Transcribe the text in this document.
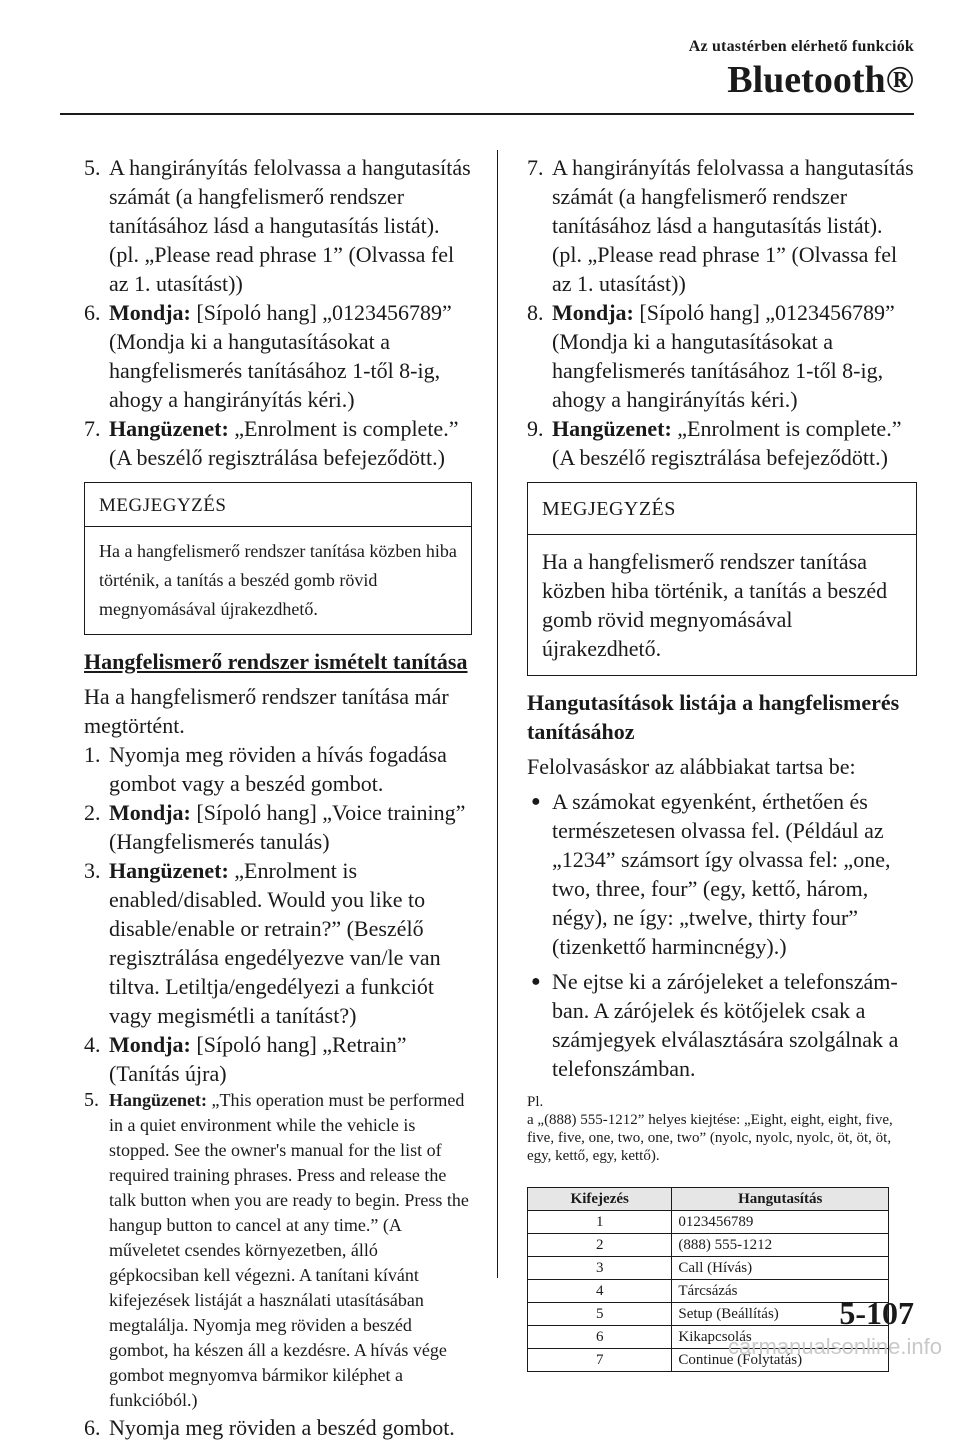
Az utastérben elérhető funkciók
Bluetooth®
5. A hangirányítás felolvassa a hangutasítás számát (a hangfelismerő rendszer tanításához lásd a hangutasítás listát). (pl. „Please read phrase 1” (Olvassa fel az 1. utasítást))
6. Mondja: [Sípoló hang] „0123456789” (Mondja ki a hangutasításokat a hangfelismerés tanításához 1-től 8-ig, ahogy a hangirányítás kéri.)
7. Hangüzenet: „Enrolment is complete.” (A beszélő regisztrálása befejeződött.)
MEGJEGYZÉS
Ha a hangfelismerő rendszer tanítása közben hiba történik, a tanítás a beszéd gomb rövid megnyomásával újrakezdhető.
Hangfelismerő rendszer ismételt tanítása
Ha a hangfelismerő rendszer tanítása már megtörtént.
1. Nyomja meg röviden a hívás fogadása gombot vagy a beszéd gombot.
2. Mondja: [Sípoló hang] „Voice training” (Hangfelismerés tanulás)
3. Hangüzenet: „Enrolment is enabled/disabled. Would you like to disable/enable or retrain?” (Beszélő regisztrálása engedélyezve van/le van tiltva. Letiltja/engedélyezi a funkciót vagy megismétli a tanítást?)
4. Mondja: [Sípoló hang] „Retrain” (Tanítás újra)
5. Hangüzenet: „This operation must be performed in a quiet environment while the vehicle is stopped. See the owner's manual for the list of required training phrases. Press and release the talk button when you are ready to begin. Press the hangup button to cancel at any time.” (A műveletet csendes környezetben, álló gépkocsiban kell végezni. A tanítani kívánt kifejezések listáját a használati utasításában megtalálja. Nyomja meg röviden a beszéd gombot, ha készen áll a kezdésre. A hívás vége gombot megnyomva bármikor kiléphet a funkcióból.)
6. Nyomja meg röviden a beszéd gombot.
7. A hangirányítás felolvassa a hangutasítás számát (a hangfelismerő rendszer tanításához lásd a hangutasítás listát). (pl. „Please read phrase 1” (Olvassa fel az 1. utasítást))
8. Mondja: [Sípoló hang] „0123456789” (Mondja ki a hangutasításokat a hangfelismerés tanításához 1-től 8-ig, ahogy a hangirányítás kéri.)
9. Hangüzenet: „Enrolment is complete.” (A beszélő regisztrálása befejeződött.)
MEGJEGYZÉS
Ha a hangfelismerő rendszer tanítása közben hiba történik, a tanítás a beszéd gomb rövid megnyomásával újrakezdhető.
Hangutasítások listája a hangfelismerés tanításához
Felolvasáskor az alábbiakat tartsa be:
● A számokat egyenként, érthetően és természetesen olvassa fel. (Például az „1234” számsort így olvassa fel: „one, two, three, four” (egy, kettő, három, négy), ne így: „twelve, thirty four” (tizenkettő harmincnégy).)
● Ne ejtse ki a zárójeleket a telefonszám-ban. A zárójelek és kötőjelek csak a számjegyek elválasztására szolgálnak a telefonszámban.
Pl.
a „(888) 555-1212” helyes kiejtése: „Eight, eight, eight, five, five, five, one, two, one, two” (nyolc, nyolc, nyolc, öt, öt, öt, egy, kettő, egy, kettő).
Kifejezés	Hangutasítás
1	0123456789
2	(888) 555-1212
3	Call (Hívás)
4	Tárcsázás
5	Setup (Beállítás)
6	Kikapcsolás
7	Continue (Folytatás)
5-107
carmanualsonline.info
